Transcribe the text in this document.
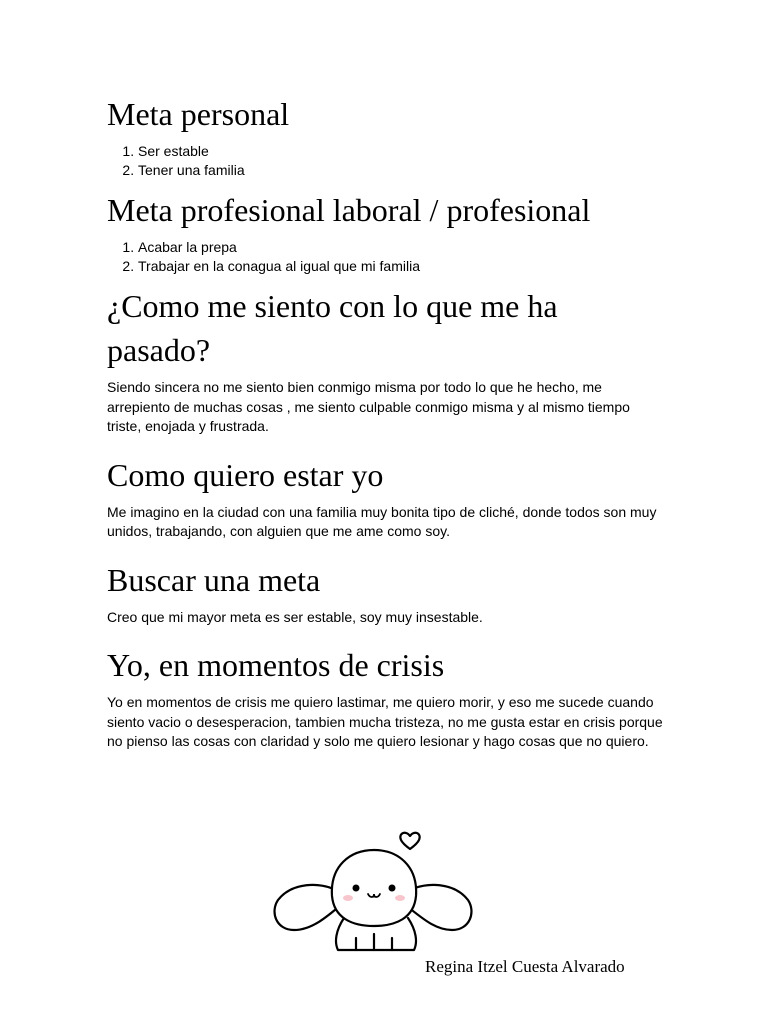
Meta personal
1. Ser estable
2. Tener una familia
Meta profesional laboral / profesional
1. Acabar la prepa
2. Trabajar en la conagua al igual que mi familia
¿Como me siento con lo que me ha pasado?

Siendo sincera no me siento bien conmigo misma por todo lo que he hecho, me arrepiento de muchas cosas , me siento culpable conmigo misma y al mismo tiempo triste, enojada y frustrada.

Como quiero estar yo

Me imagino en la ciudad con una familia muy bonita tipo de cliché, donde todos son muy unidos, trabajando, con alguien que me ame como soy.

Buscar una meta

Creo que mi mayor meta es ser estable, soy muy insestable.

Yo, en momentos de crisis

Yo en momentos de crisis me quiero lastimar, me quiero morir, y eso me sucede cuando siento vacio o desesperacion, tambien mucha tristeza, no me gusta estar en crisis porque no pienso las cosas con claridad y solo me quiero lesionar y hago cosas que no quiero.

Regina Itzel Cuesta Alvarado
